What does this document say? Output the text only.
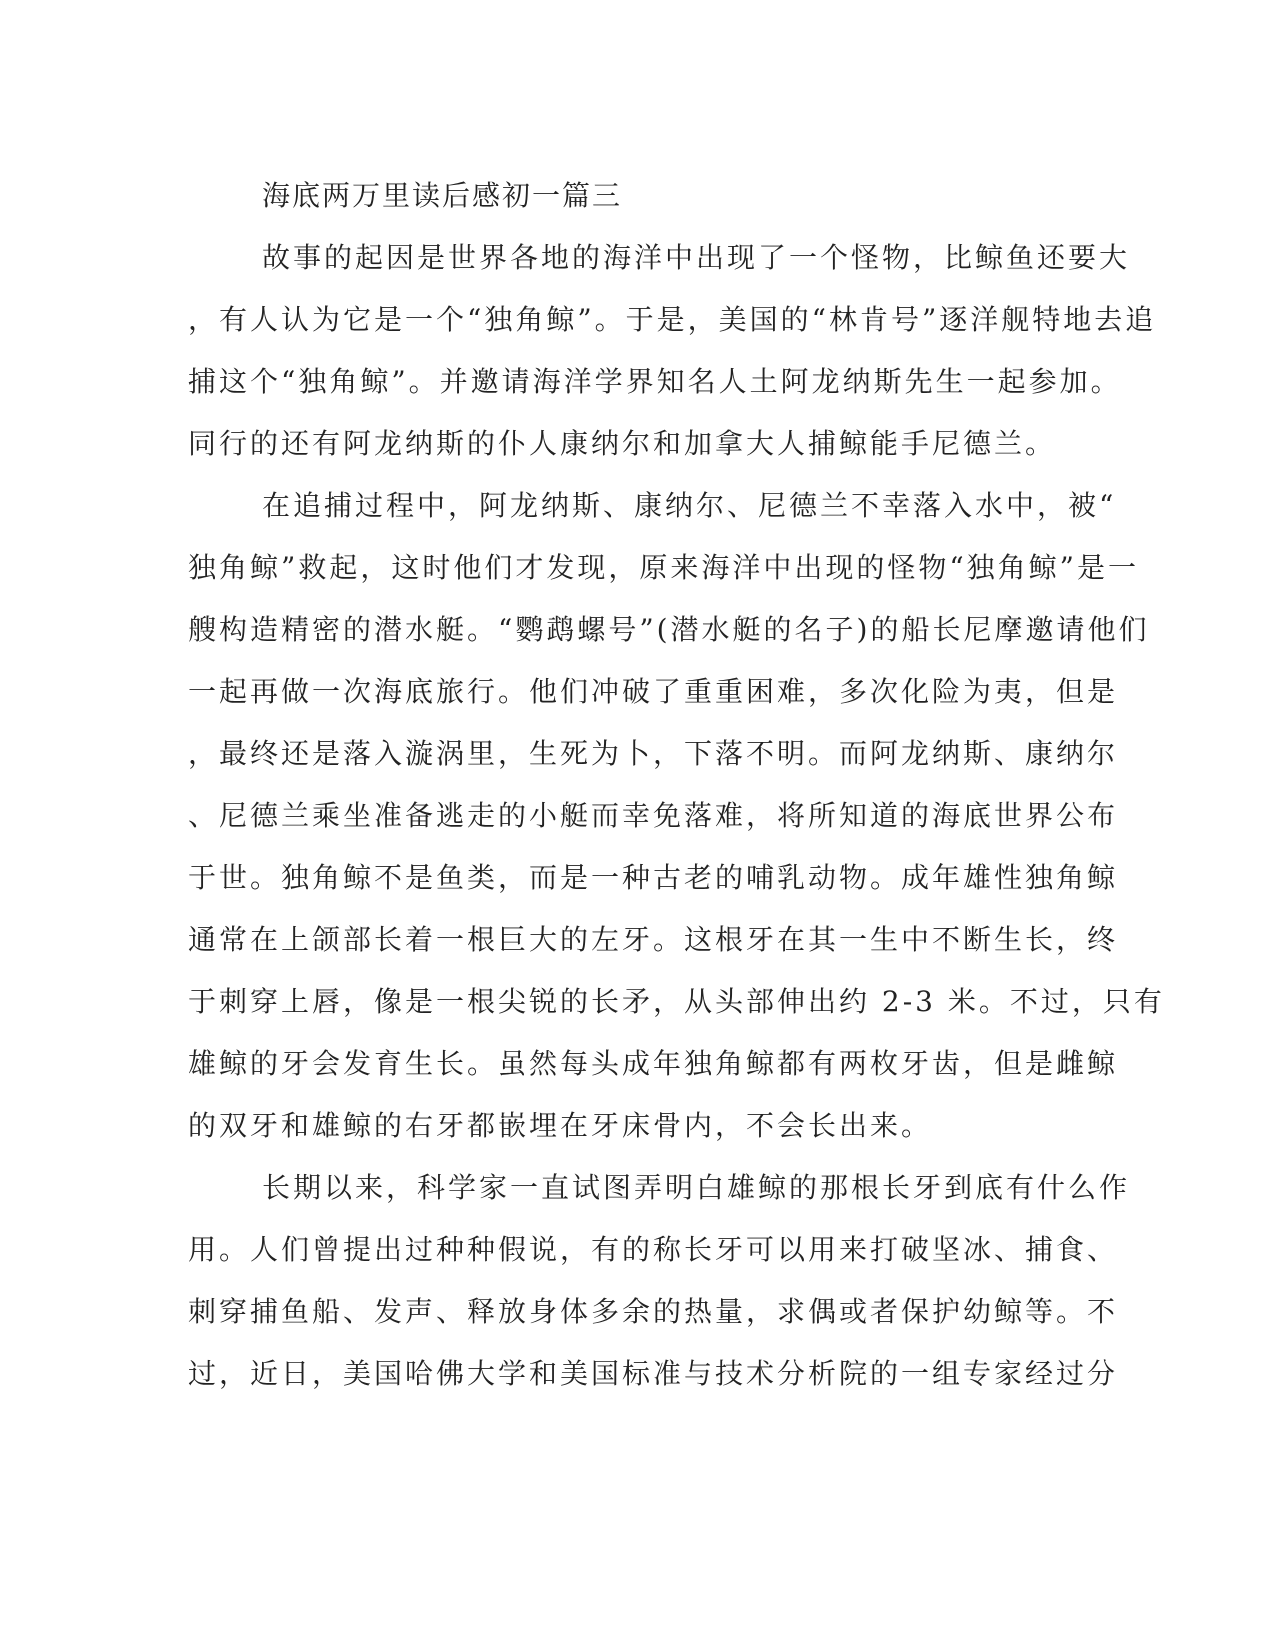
海底两万里读后感初一篇三
故事的起因是世界各地的海洋中出现了一个怪物，比鲸鱼还要大
，有人认为它是一个“独角鲸”。于是，美国的“林肯号”逐洋舰特地去追
捕这个“独角鲸”。并邀请海洋学界知名人土阿龙纳斯先生一起参加。
同行的还有阿龙纳斯的仆人康纳尔和加拿大人捕鲸能手尼德兰。
在追捕过程中，阿龙纳斯、康纳尔、尼德兰不幸落入水中，被“
独角鲸”救起，这时他们才发现，原来海洋中出现的怪物“独角鲸”是一
艘构造精密的潜水艇。“鹦鹉螺号”(潜水艇的名子)的船长尼摩邀请他们
一起再做一次海底旅行。他们冲破了重重困难，多次化险为夷，但是
，最终还是落入漩涡里，生死为卜，下落不明。而阿龙纳斯、康纳尔
、尼德兰乘坐准备逃走的小艇而幸免落难，将所知道的海底世界公布
于世。独角鲸不是鱼类，而是一种古老的哺乳动物。成年雄性独角鲸
通常在上颌部长着一根巨大的左牙。这根牙在其一生中不断生长，终
于刺穿上唇，像是一根尖锐的长矛，从头部伸出约 2-3 米。不过，只有
雄鲸的牙会发育生长。虽然每头成年独角鲸都有两枚牙齿，但是雌鲸
的双牙和雄鲸的右牙都嵌埋在牙床骨内，不会长出来。
长期以来，科学家一直试图弄明白雄鲸的那根长牙到底有什么作
用。人们曾提出过种种假说，有的称长牙可以用来打破坚冰、捕食、
刺穿捕鱼船、发声、释放身体多余的热量，求偶或者保护幼鲸等。不
过，近日，美国哈佛大学和美国标准与技术分析院的一组专家经过分
